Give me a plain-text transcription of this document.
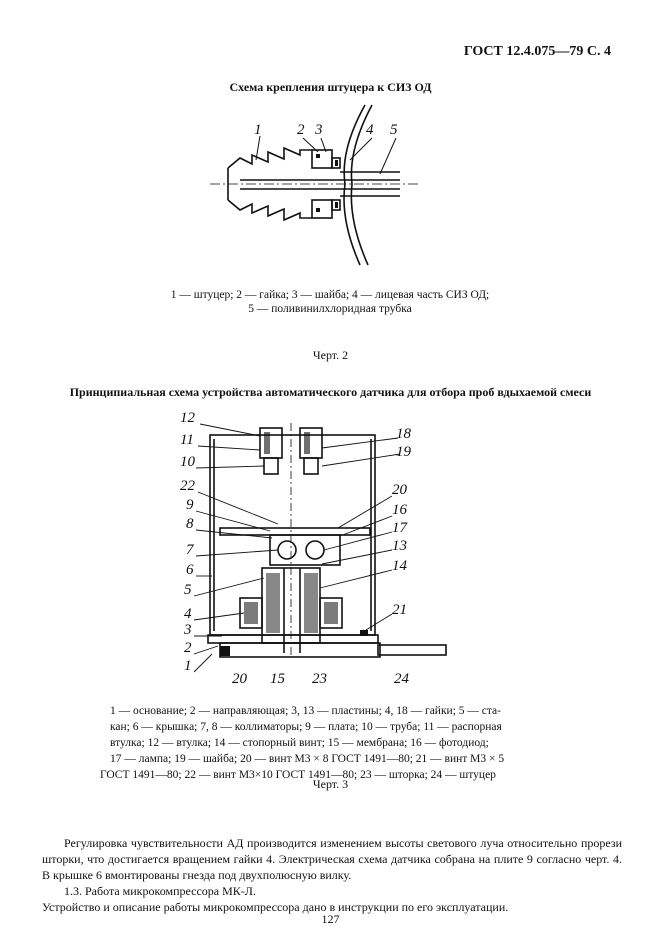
ГОСТ 12.4.075—79 С. 4
Схема крепления штуцера к СИЗ ОД
1 2 3	4 5
1 — штуцер; 2 — гайка; 3 — шайба; 4 — лицевая часть СИЗ ОД;
5 — поливинилхлоридная трубка
Черт. 2
Принципиальная схема устройства автоматического датчика для отбора проб вдыхаемой смеси
12
11
10
22
9
8
7
6
5
4
3
2
1
18
19
20
16
17
13
14
21
20 15 23	24
1 — основание; 2 — направляющая; 3, 13 — пластины; 4, 18 — гайки; 5 — ста-
кан; 6 — крышка; 7, 8 — коллиматоры; 9 — плата; 10 — труба; 11 — распорная
втулка; 12 — втулка; 14 — стопорный винт; 15 — мембрана; 16 — фотодиод;
17 — лампа; 19 — шайба; 20 — винт М3 × 8 ГОСТ 1491—80; 21 — винт М3 × 5
ГОСТ 1491—80; 22 — винт М3×10 ГОСТ 1491—80; 23 — шторка; 24 — штуцер
Черт. 3

Регулировка чувствительности АД производится изменением высоты светового луча относительно прорези шторки, что достигается вращением гайки 4. Электрическая схема датчика собрана на плите 9 согласно черт. 4. В крышке 6 вмонтированы гнезда под двухполюсную вилку.

1.3. Работа микрокомпрессора МК-Л.

Устройство и описание работы микрокомпрессора дано в инструкции по его эксплуатации.

127
